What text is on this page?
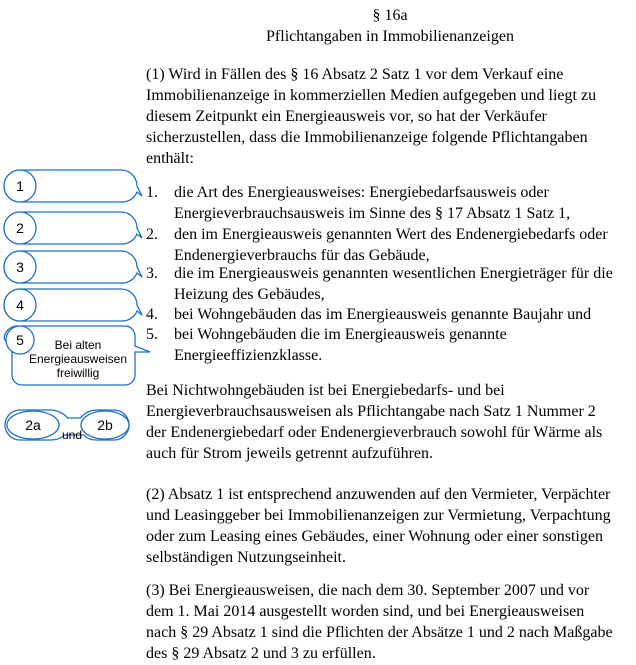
§ 16a
Pflichtangaben in Immobilienanzeigen
(1) Wird in Fällen des § 16 Absatz 2 Satz 1 vor dem Verkauf eine
Immobilienanzeige in kommerziellen Medien aufgegeben und liegt zu
diesem Zeitpunkt ein Energieausweis vor, so hat der Verkäufer
sicherzustellen, dass die Immobilienanzeige folgende Pflichtangaben
enthält:
1.	die Art des Energieausweises: Energiebedarfsausweis oder
Energieverbrauchsausweis im Sinne des § 17 Absatz 1 Satz 1,
2.	den im Energieausweis genannten Wert des Endenergiebedarfs oder
Endenergieverbrauchs für das Gebäude,
3.	die im Energieausweis genannten wesentlichen Energieträger für die
Heizung des Gebäudes,
4.	bei Wohngebäuden das im Energieausweis genannte Baujahr und
5.	bei Wohngebäuden die im Energieausweis genannte
Energieeffizienzklasse.
Bei Nichtwohngebäuden ist bei Energiebedarfs- und bei
Energieverbrauchsausweisen als Pflichtangabe nach Satz 1 Nummer 2
der Endenergiebedarf oder Endenergieverbrauch sowohl für Wärme als
auch für Strom jeweils getrennt aufzuführen.
(2) Absatz 1 ist entsprechend anzuwenden auf den Vermieter, Verpächter
und Leasinggeber bei Immobilienanzeigen zur Vermietung, Verpachtung
oder zum Leasing eines Gebäudes, einer Wohnung oder einer sonstigen
selbständigen Nutzungseinheit.
(3) Bei Energieausweisen, die nach dem 30. September 2007 und vor
dem 1. Mai 2014 ausgestellt worden sind, und bei Energieausweisen
nach § 29 Absatz 1 sind die Pflichten der Absätze 1 und 2 nach Maßgabe
des § 29 Absatz 2 und 3 zu erfüllen.
1
2
3
4
5	Bei alten
Energieausweisen
freiwillig
2a
und
2b
